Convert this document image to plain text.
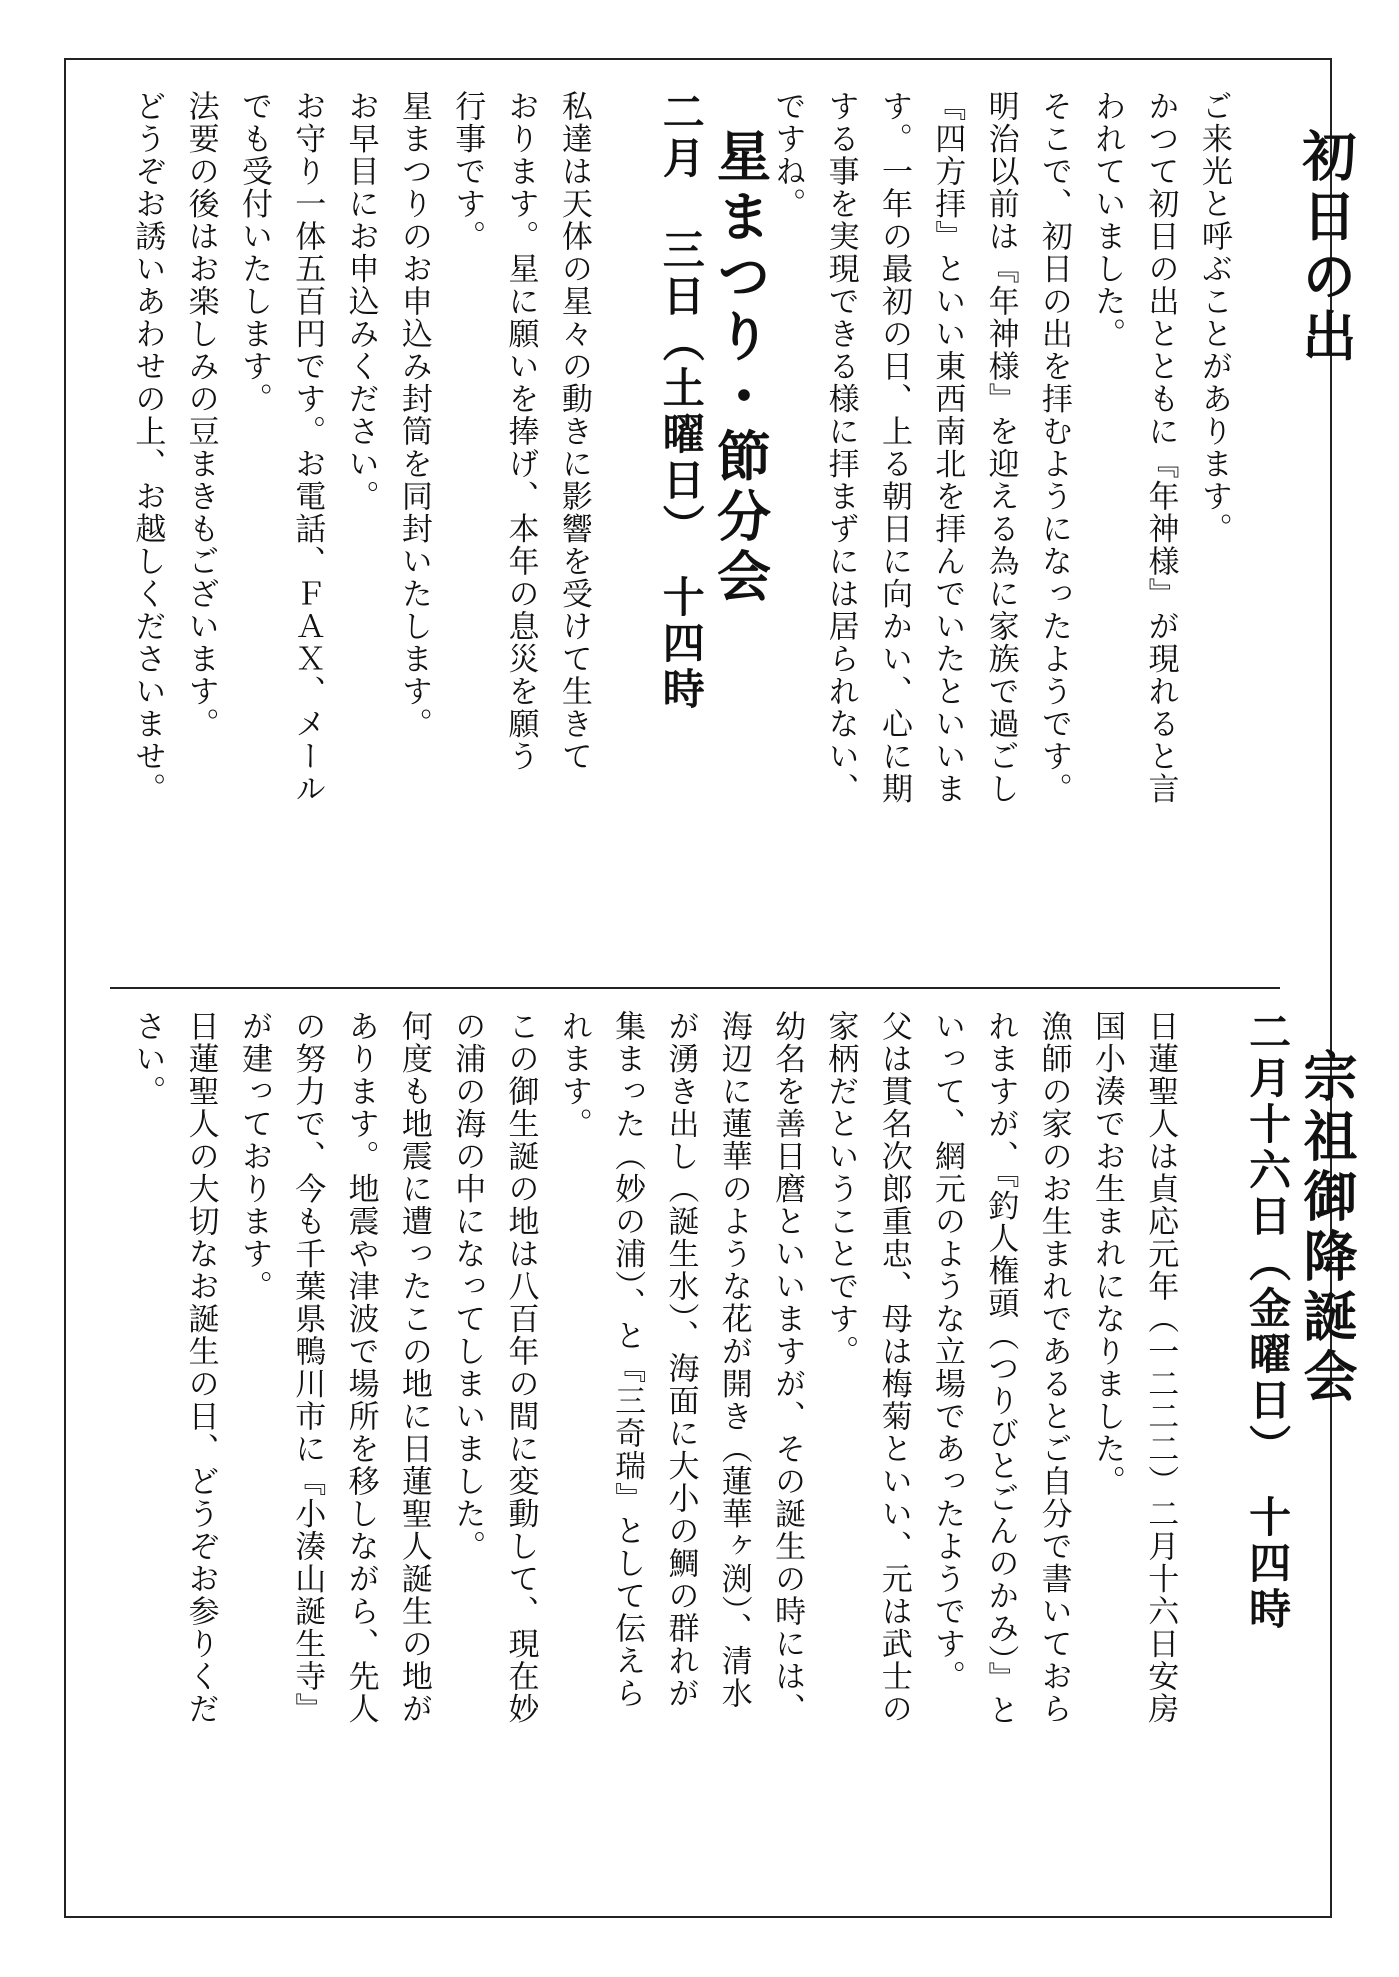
初日の出

ご来光と呼ぶことがあります。
かつて初日の出とともに『年神様』が現れると言
われていました。
そこで、初日の出を拝むようになったようです。
明治以前は『年神様』を迎える為に家族で過ごし
『四方拝』といい東西南北を拝んでいたといいま
す。一年の最初の日、上る朝日に向かい、心に期
する事を実現できる様に拝まずには居られない、
ですね。

星まつり・節分会
二月　三日（土曜日）　十四時

私達は天体の星々の動きに影響を受けて生きて
おります。星に願いを捧げ、本年の息災を願う
行事です。
星まつりのお申込み封筒を同封いたします。
お早目にお申込みください。
お守り一体五百円です。お電話、ＦＡＸ、メール
でも受付いたします。
法要の後はお楽しみの豆まきもございます。
どうぞお誘いあわせの上、お越しくださいませ。

宗祖御降誕会
二月十六日（金曜日）　十四時

日蓮聖人は貞応元年（一二二二）二月十六日安房
国小湊でお生まれになりました。
漁師の家のお生まれであるとご自分で書いておら
れますが、『釣人権頭（つりびとごんのかみ）』と
いって、網元のような立場であったようです。
父は貫名次郎重忠、母は梅菊といい、元は武士の
家柄だということです。
幼名を善日麿といいますが、その誕生の時には、
海辺に蓮華のような花が開き（蓮華ヶ渕）、清水
が湧き出し（誕生水）、海面に大小の鯛の群れが
集まった（妙の浦）、と『三奇瑞』として伝えら
れます。
この御生誕の地は八百年の間に変動して、現在妙
の浦の海の中になってしまいました。
何度も地震に遭ったこの地に日蓮聖人誕生の地が
あります。地震や津波で場所を移しながら、先人
の努力で、今も千葉県鴨川市に『小湊山誕生寺』
が建っております。
日蓮聖人の大切なお誕生の日、どうぞお参りくだ
さい。
